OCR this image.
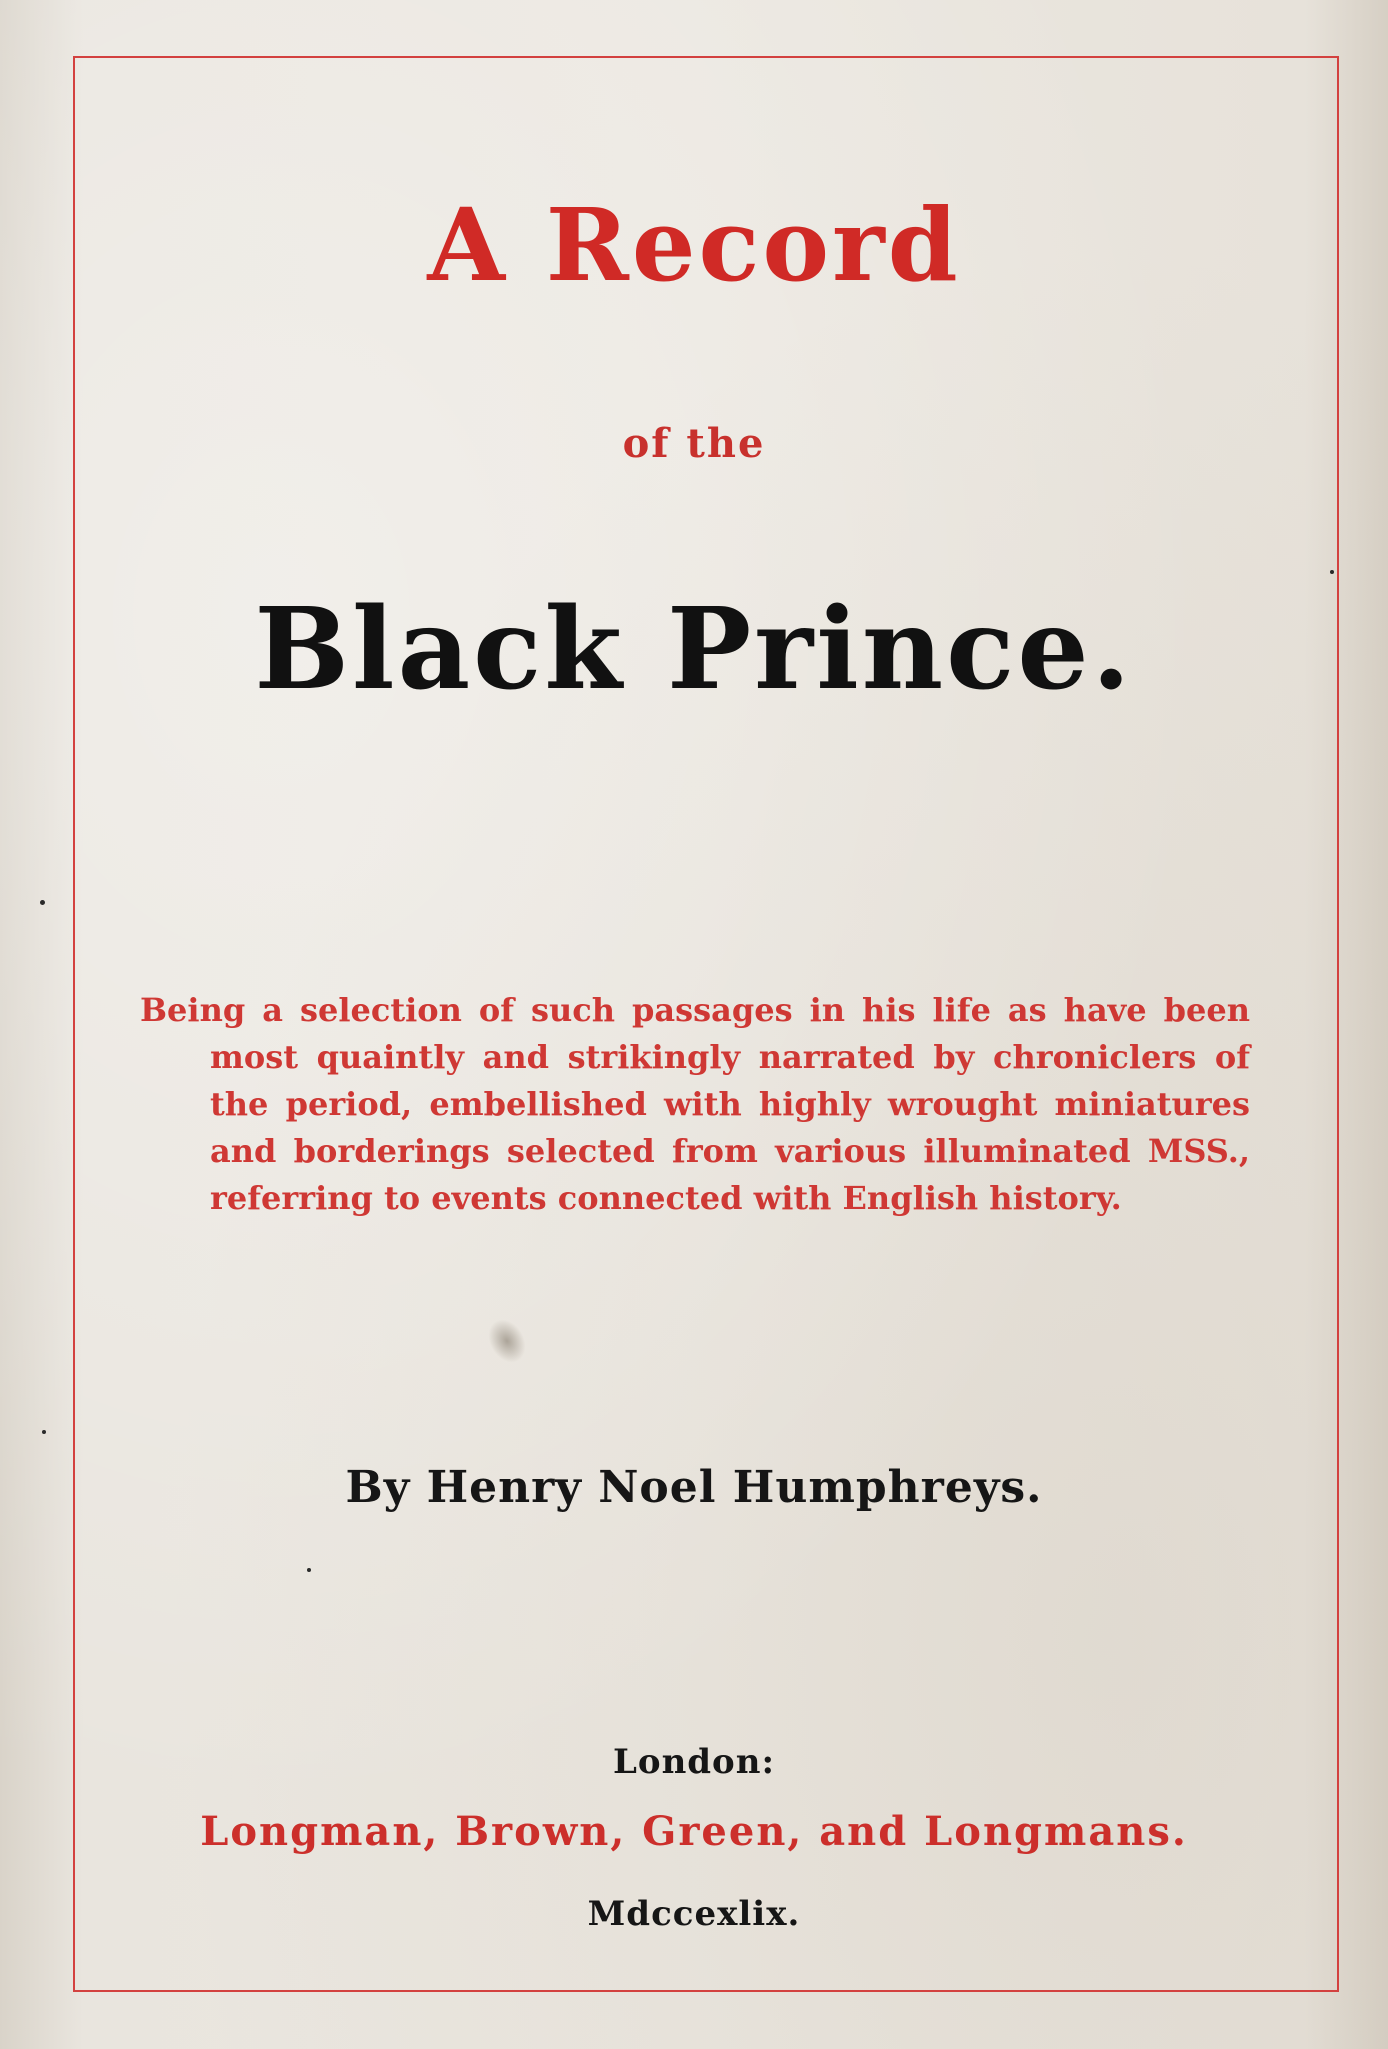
A Record
of the
Black Prince.

Being a selection of such passages in his life as have been most quaintly and strikingly narrated by chroniclers of the period, embellished with highly wrought miniatures and borderings selected from various illuminated MSS., referring to events connected with English history.

By Henry Noel Humphreys.
London:
Longman, Brown, Green, and Longmans.
Mdccexlix.
